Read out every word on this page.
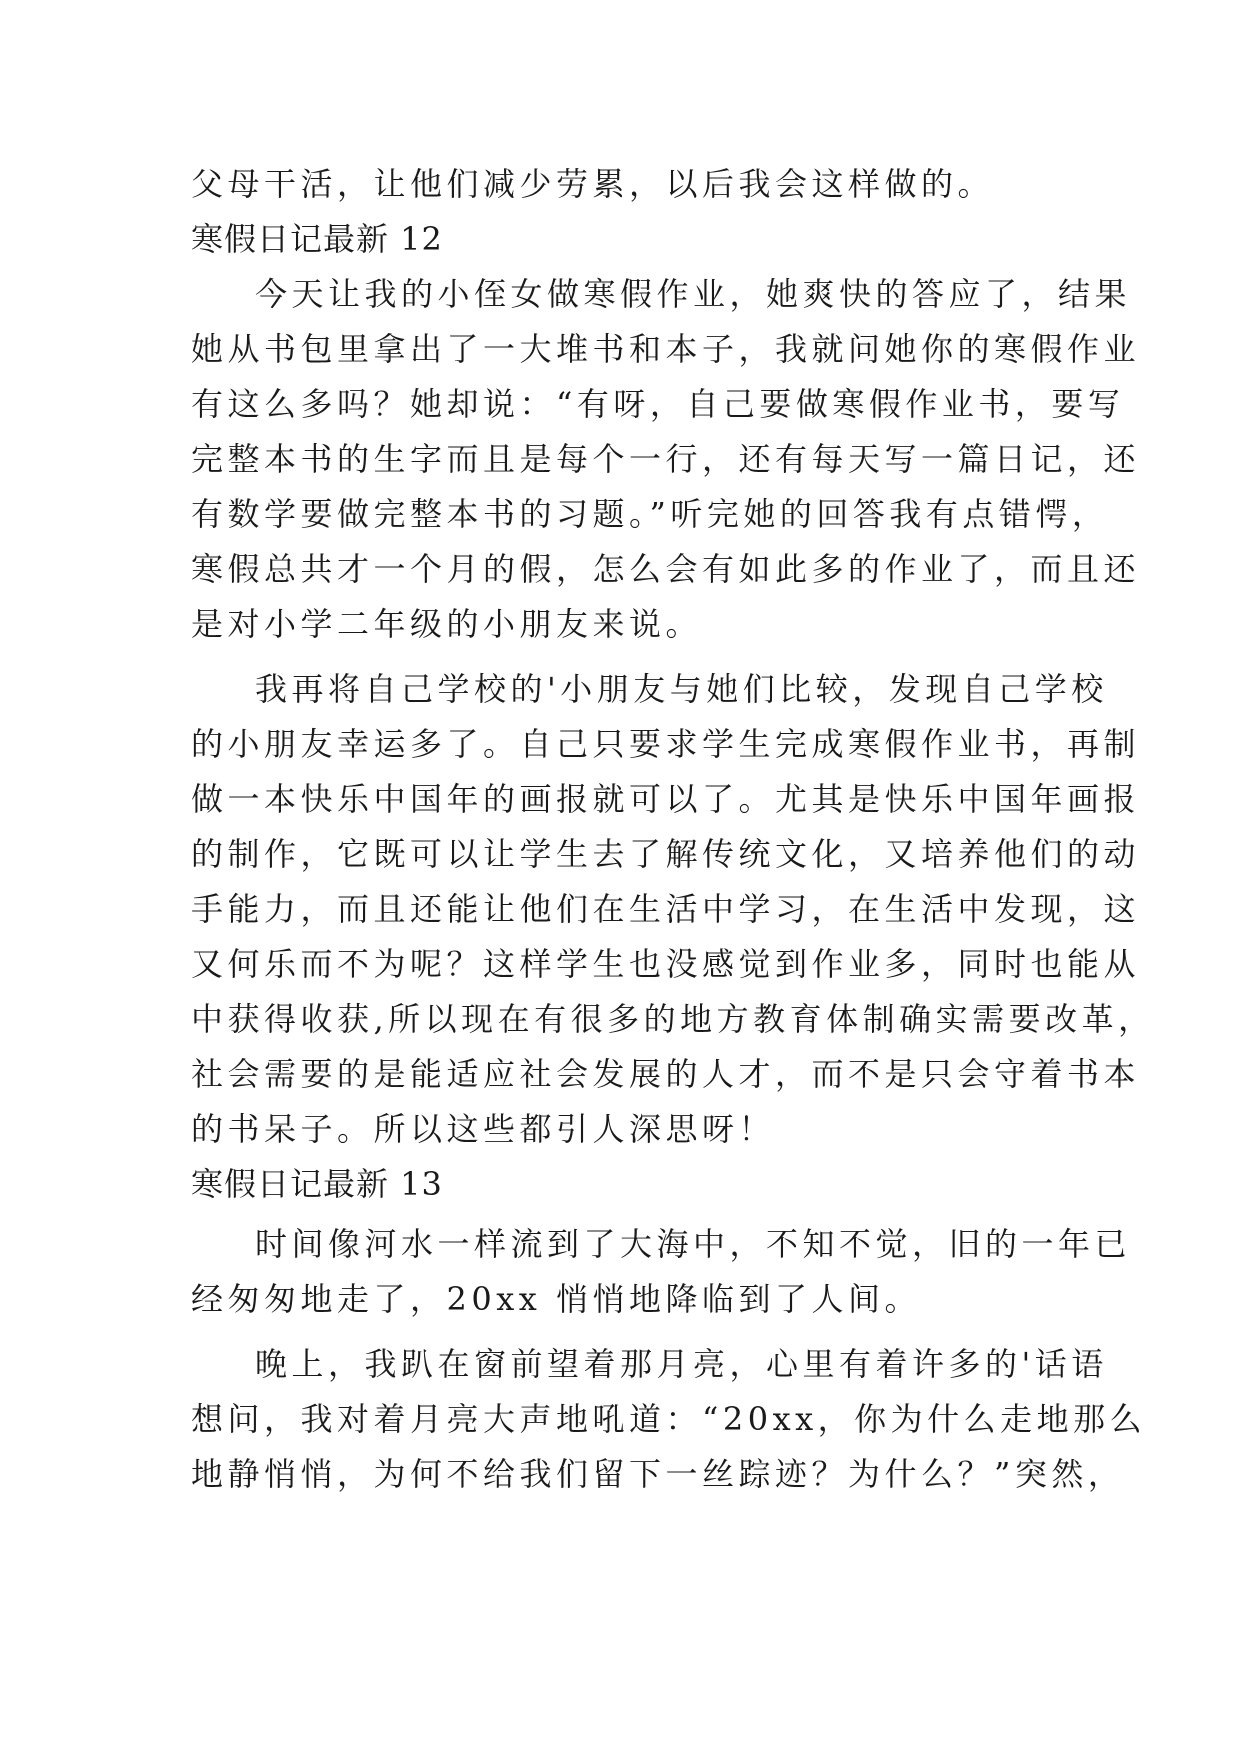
父母干活，让他们减少劳累，以后我会这样做的。
寒假日记最新 12
今天让我的小侄女做寒假作业，她爽快的答应了，结果
她从书包里拿出了一大堆书和本子，我就问她你的寒假作业
有这么多吗？她却说：“有呀，自己要做寒假作业书，要写
完整本书的生字而且是每个一行，还有每天写一篇日记，还
有数学要做完整本书的习题。”听完她的回答我有点错愕，
寒假总共才一个月的假，怎么会有如此多的作业了，而且还
是对小学二年级的小朋友来说。
我再将自己学校的'小朋友与她们比较，发现自己学校
的小朋友幸运多了。自己只要求学生完成寒假作业书，再制
做一本快乐中国年的画报就可以了。尤其是快乐中国年画报
的制作，它既可以让学生去了解传统文化，又培养他们的动
手能力，而且还能让他们在生活中学习，在生活中发现，这
又何乐而不为呢？这样学生也没感觉到作业多，同时也能从
中获得收获,所以现在有很多的地方教育体制确实需要改革，
社会需要的是能适应社会发展的人才，而不是只会守着书本
的书呆子。所以这些都引人深思呀！
寒假日记最新 13
时间像河水一样流到了大海中，不知不觉，旧的一年已
经匆匆地走了，20xx 悄悄地降临到了人间。
晚上，我趴在窗前望着那月亮，心里有着许多的'话语
想问，我对着月亮大声地吼道：“20xx，你为什么走地那么
地静悄悄，为何不给我们留下一丝踪迹？为什么？”突然，
